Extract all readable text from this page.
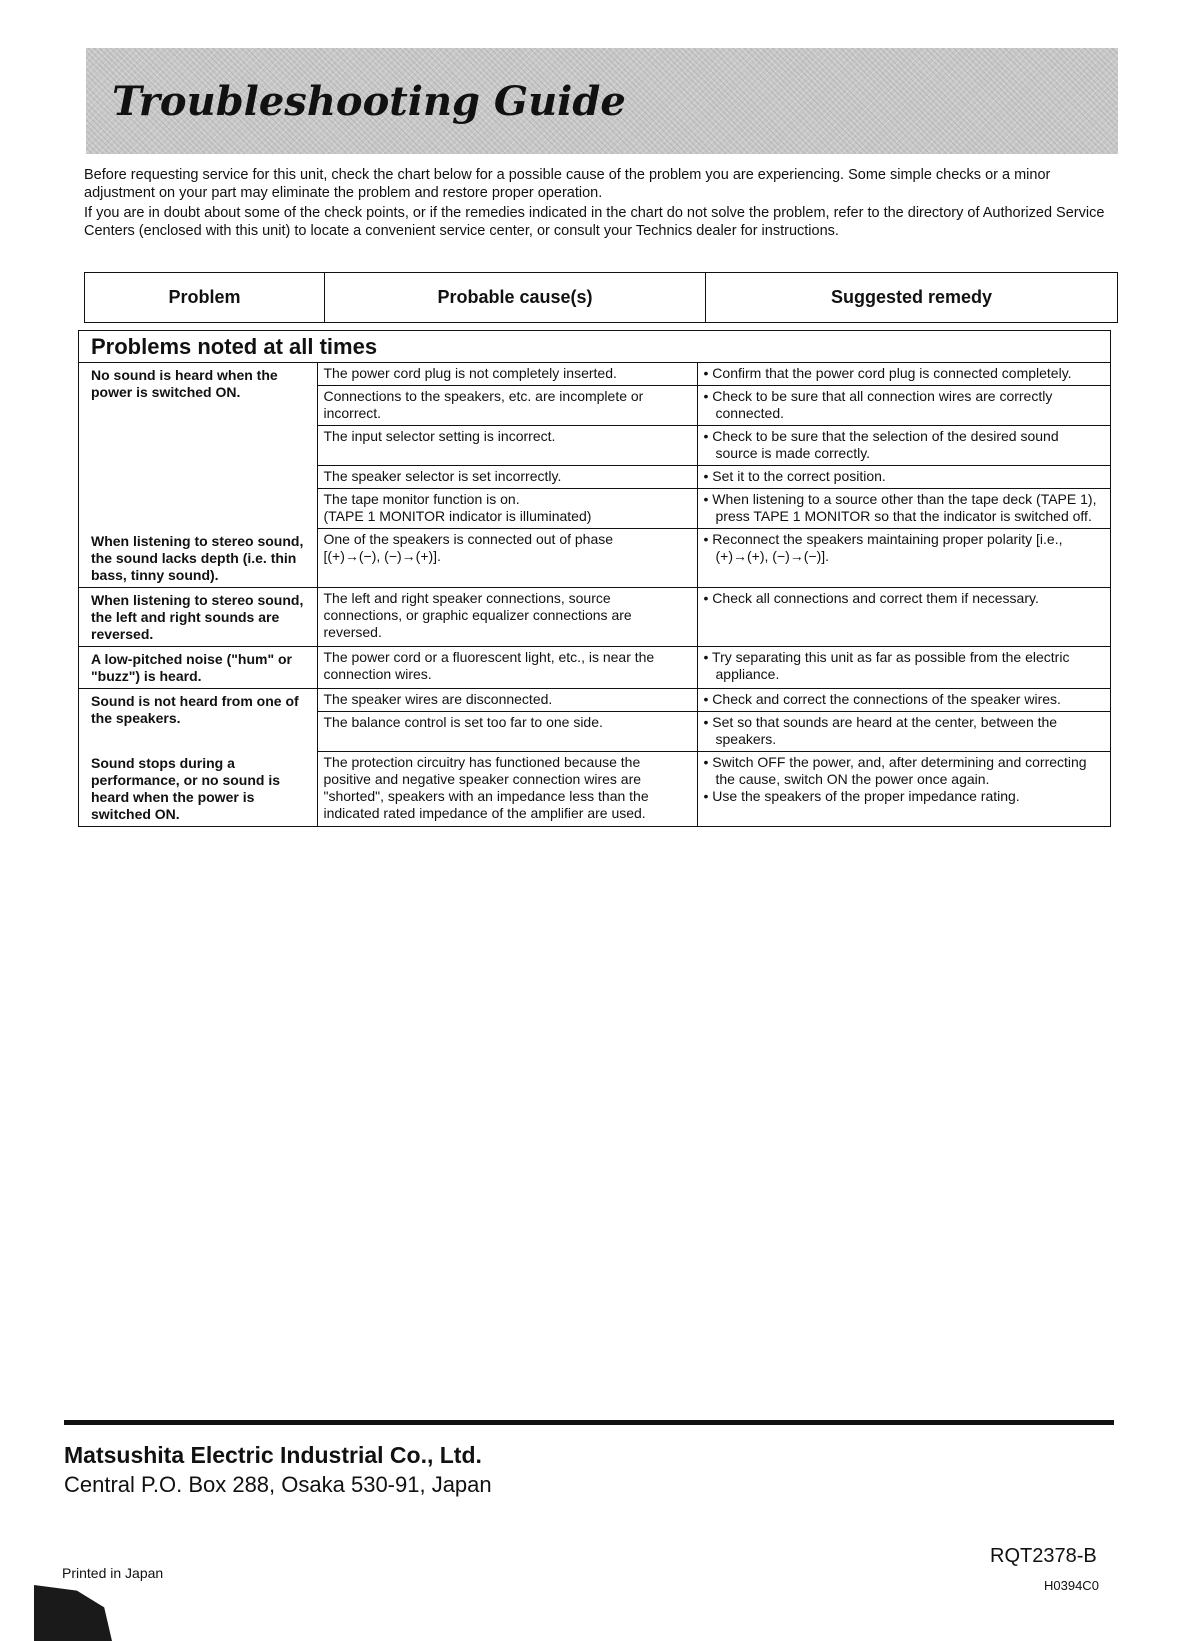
Troubleshooting Guide

Before requesting service for this unit, check the chart below for a possible cause of the problem you are experiencing. Some simple checks or a minor adjustment on your part may eliminate the problem and restore proper operation.

If you are in doubt about some of the check points, or if the remedies indicated in the chart do not solve the problem, refer to the directory of Authorized Service Centers (enclosed with this unit) to locate a convenient service center, or consult your Technics dealer for instructions.

Problem	Probable cause(s)	Suggested remedy
Problems noted at all times
No sound is heard when the power is switched ON.	The power cord plug is not completely inserted.	• Confirm that the power cord plug is connected completely.

	Connections to the speakers, etc. are incomplete or incorrect.	• Check to be sure that all connection wires are correctly connected.

	The input selector setting is incorrect.	• Check to be sure that the selection of the desired sound source is made correctly.

	The speaker selector is set incorrectly.	• Set it to the correct position.

	The tape monitor function is on.
(TAPE 1 MONITOR indicator is illuminated)	• When listening to a source other than the tape deck (TAPE 1), press TAPE 1 MONITOR so that the indicator is switched off.

When listening to stereo sound, the sound lacks depth (i.e. thin bass, tinny sound).	One of the speakers is connected out of phase
[(+)→(−), (−)→(+)].	• Reconnect the speakers maintaining proper polarity [i.e., (+)→(+), (−)→(−)].

When listening to stereo sound, the left and right sounds are reversed.	The left and right speaker connections, source connections, or graphic equalizer connections are reversed.	• Check all connections and correct them if necessary.

A low-pitched noise ("hum" or "buzz") is heard.	The power cord or a fluorescent light, etc., is near the connection wires.	• Try separating this unit as far as possible from the electric appliance.

Sound is not heard from one of the speakers.	The speaker wires are disconnected.	• Check and correct the connections of the speaker wires.

	The balance control is set too far to one side.	• Set so that sounds are heard at the center, between the speakers.

Sound stops during a performance, or no sound is heard when the power is switched ON.	The protection circuitry has functioned because the positive and negative speaker connection wires are "shorted", speakers with an impedance less than the indicated rated impedance of the amplifier are used.	• Switch OFF the power, and, after determining and correcting the cause, switch ON the power once again.
• Use the speakers of the proper impedance rating.

Matsushita Electric Industrial Co., Ltd.

Central P.O. Box 288, Osaka 530-91, Japan

Printed in Japan

RQT2378-B

H0394C0
